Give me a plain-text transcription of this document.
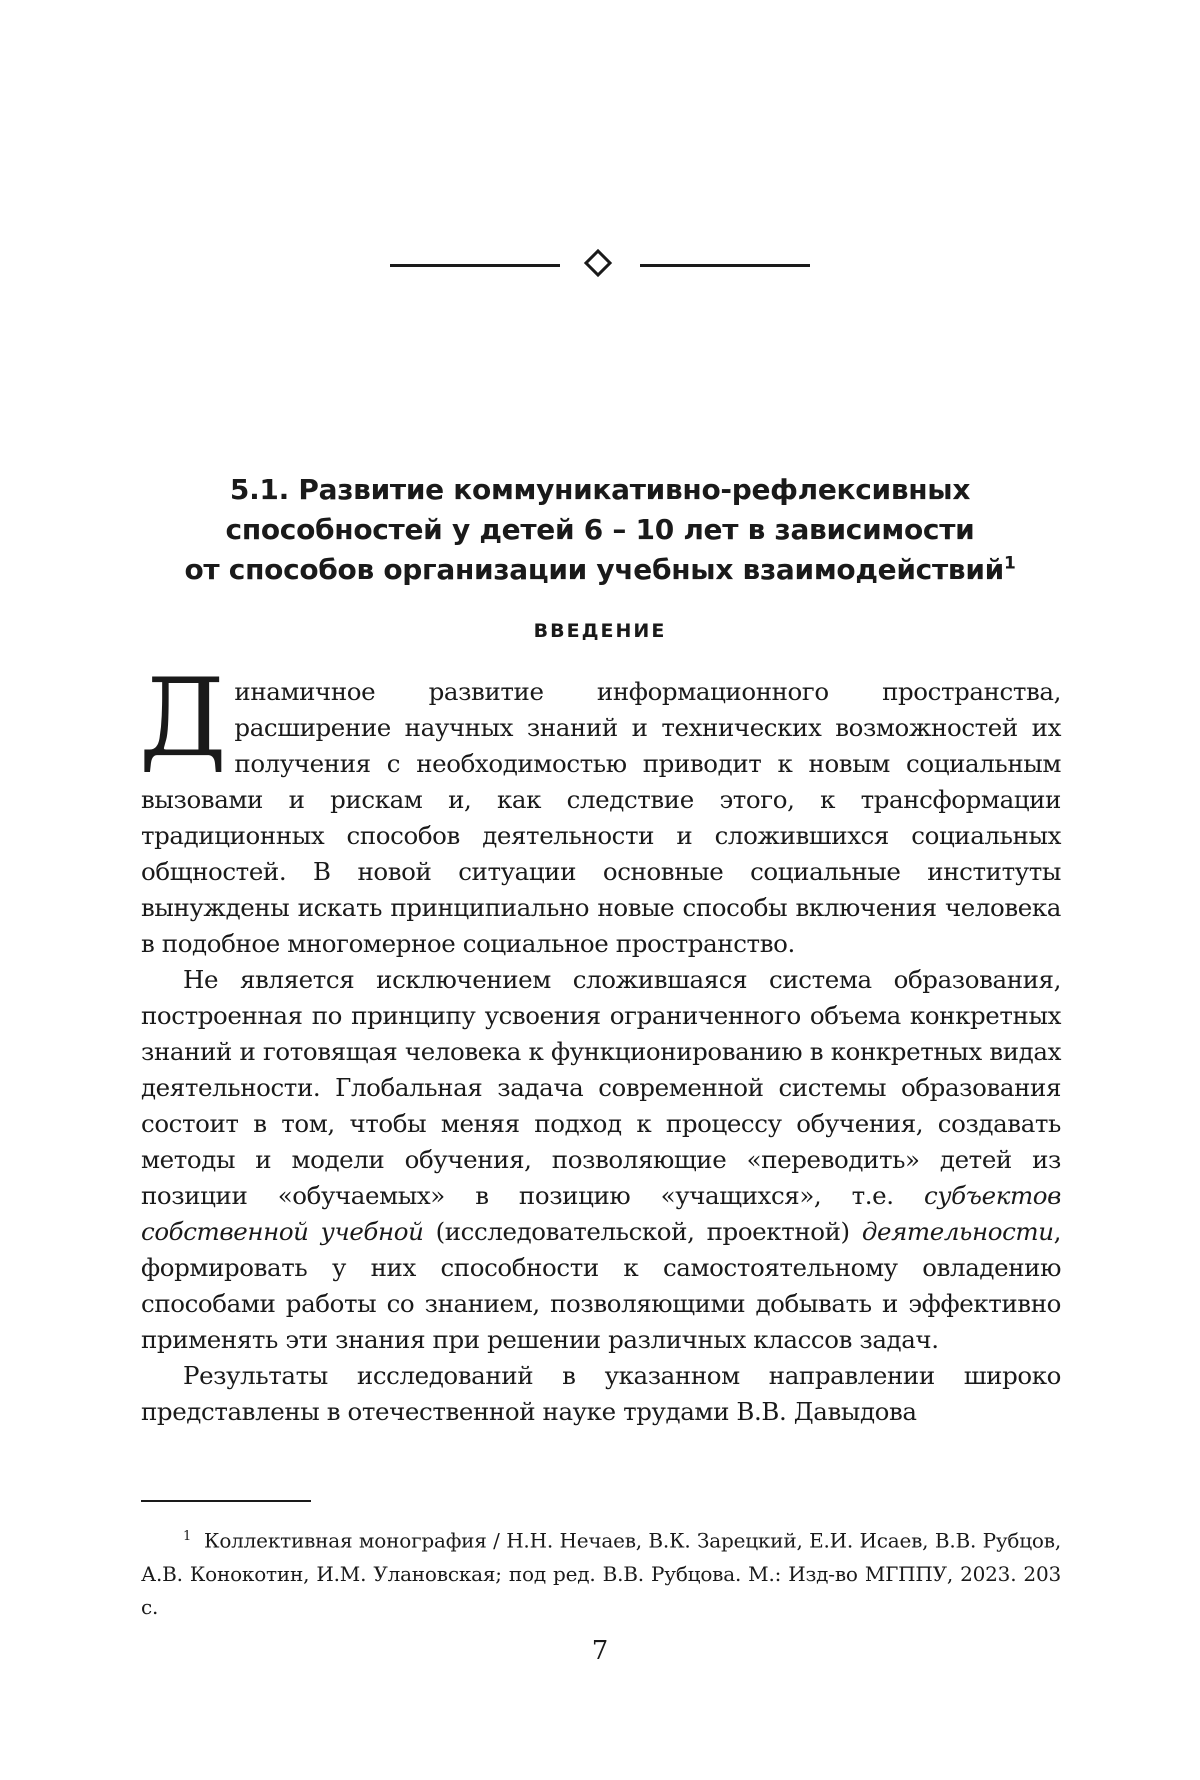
5.1. Развитие коммуникативно-рефлексивных
способностей у детей 6 – 10 лет в зависимости
от способов организации учебных взаимодействий$^1$
ВВЕДЕНИЕ

Динамичное развитие информационного пространства, расширение научных знаний и технических возможностей их получения с необходимостью приводит к новым социальным вызовами и рискам и, как следствие этого, к трансформации традиционных способов деятельности и сложившихся социальных общностей. В новой ситуации основные социальные институты вынуждены искать принципиально новые способы включения человека в подобное многомерное социальное пространство.

Не является исключением сложившаяся система образования, построенная по принципу усвоения ограниченного объема конкретных знаний и готовящая человека к функционированию в конкретных видах деятельности. Глобальная задача современной системы образования состоит в том, чтобы меняя подход к процессу обучения, создавать методы и модели обучения, позволяющие «переводить» детей из позиции «обучаемых» в позицию «учащихся», т.е. субъектов собственной учебной (исследовательской, проектной) деятельности, формировать у них способности к самостоятельному овладению способами работы со знанием, позволяющими добывать и эффективно применять эти знания при решении различных классов задач.

Результаты исследований в указанном направлении широко представлены в отечественной науке трудами В.В. Давыдова

$^1$ Коллективная монография / Н.Н. Нечаев, В.К. Зарецкий, Е.И. Исаев, В.В. Рубцов, А.В. Конокотин, И.М. Улановская; под ред. В.В. Рубцова. М.: Изд-во МГППУ, 2023. 203 с.

7
